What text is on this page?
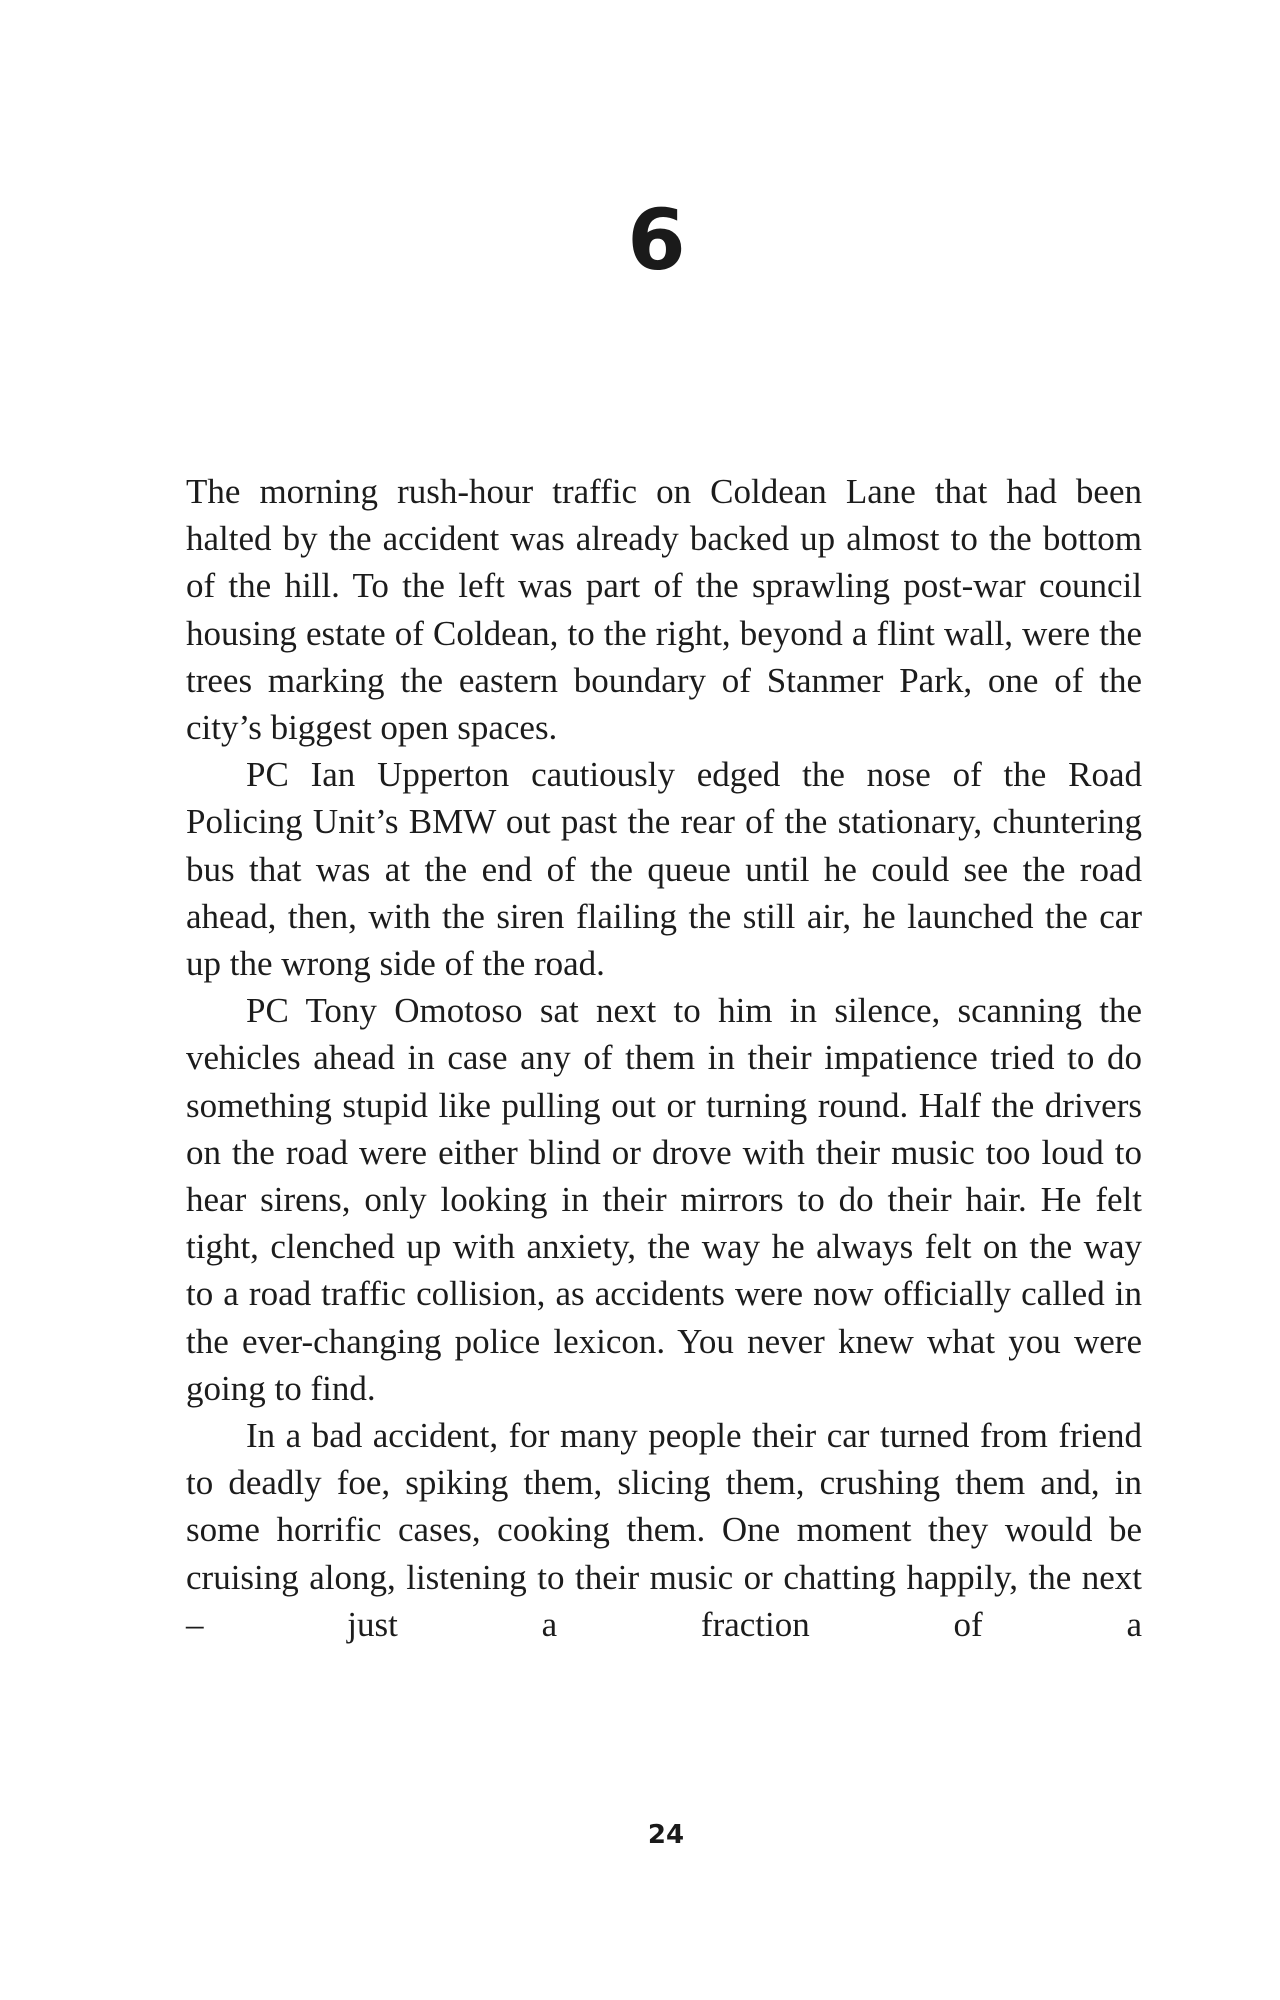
6

The morning rush-hour traffic on Coldean Lane that had been halted by the accident was already backed up almost to the bottom of the hill. To the left was part of the sprawling post-war council housing estate of Coldean, to the right, beyond a flint wall, were the trees marking the eastern boundary of Stanmer Park, one of the city’s biggest open spaces.

PC Ian Upperton cautiously edged the nose of the Road Policing Unit’s BMW out past the rear of the stationary, chuntering bus that was at the end of the queue until he could see the road ahead, then, with the siren flailing the still air, he launched the car up the wrong side of the road.

PC Tony Omotoso sat next to him in silence, scanning the vehicles ahead in case any of them in their impatience tried to do something stupid like pulling out or turning round. Half the drivers on the road were either blind or drove with their music too loud to hear sirens, only looking in their mirrors to do their hair. He felt tight, clenched up with anxiety, the way he always felt on the way to a road traffic collision, as accidents were now officially called in the ever-changing police lexicon. You never knew what you were going to find.

In a bad accident, for many people their car turned from friend to deadly foe, spiking them, slicing them, crushing them and, in some horrific cases, cooking them. One moment they would be cruising along, listening to their music or chatting happily, the next – just a fraction of a

24
